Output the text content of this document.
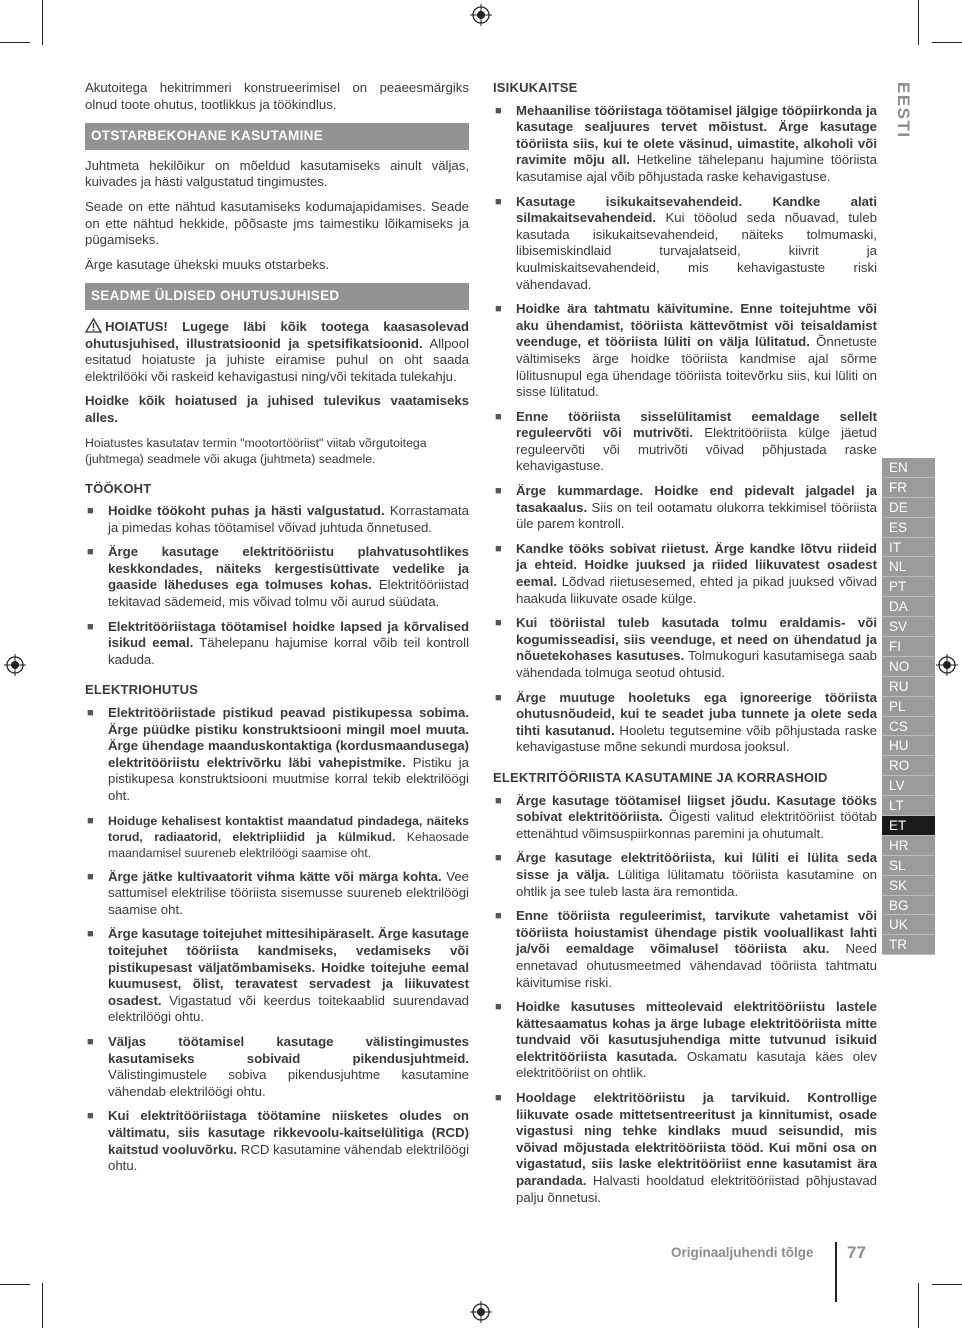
Akutoitega hekitrimmeri konstrueerimisel on peaeesmärgiks olnud toote ohutus, tootlikkus ja töökindlus.

OTSTARBEKOHANE KASUTAMINE

Juhtmeta hekilõikur on mõeldud kasutamiseks ainult väljas, kuivades ja hästi valgustatud tingimustes.

Seade on ette nähtud kasutamiseks kodumajapidamises. Seade on ette nähtud hekkide, põõsaste jms taimestiku lõikamiseks ja pügamiseks.

Ärge kasutage ühekski muuks otstarbeks.

SEADME ÜLDISED OHUTUSJUHISED

HOIATUS! Lugege läbi kõik tootega kaasasolevad ohutusjuhised, illustratsioonid ja spetsifikatsioonid. Allpool esitatud hoiatuste ja juhiste eiramise puhul on oht saada elektrilööki või raskeid kehavigastusi ning/või tekitada tulekahju.

Hoidke kõik hoiatused ja juhised tulevikus vaatamiseks alles.

Hoiatustes kasutatav termin "mootortööriist" viitab võrgutoitega (juhtmega) seadmele või akuga (juhtmeta) seadmele.

TÖÖKOHT
■ Hoidke töökoht puhas ja hästi valgustatud. Korrastamata ja pimedas kohas töötamisel võivad juhtuda õnnetused.
■ Ärge kasutage elektritööriistu plahvatusohtlikes keskkondades, näiteks kergestisüttivate vedelike ja gaaside läheduses ega tolmuses kohas. Elektritööriistad tekitavad sädemeid, mis võivad tolmu või aurud süüdata.
■ Elektritööriistaga töötamisel hoidke lapsed ja kõrvalised isikud eemal. Tähelepanu hajumise korral võib teil kontroll kaduda.
ELEKTRIOHUTUS
■ Elektritööriistade pistikud peavad pistikupessa sobima. Ärge püüdke pistiku konstruktsiooni mingil moel muuta. Ärge ühendage maanduskontaktiga (kordusmaandusega) elektritööriistu elektrivõrku läbi vahepistmike. Pistiku ja pistikupesa konstruktsiooni muutmise korral tekib elektrilöögi oht.
■ Hoiduge kehalisest kontaktist maandatud pindadega, näiteks torud, radiaatorid, elektripliidid ja külmikud. Kehaosade maandamisel suureneb elektrilöögi saamise oht.
■ Ärge jätke kultivaatorit vihma kätte või märga kohta. Vee sattumisel elektrilise tööriista sisemusse suureneb elektrilöögi saamise oht.
■ Ärge kasutage toitejuhet mittesihipäraselt. Ärge kasutage toitejuhet tööriista kandmiseks, vedamiseks või pistikupesast väljatõmbamiseks. Hoidke toitejuhe eemal kuumusest, õlist, teravatest servadest ja liikuvatest osadest. Vigastatud või keerdus toitekaablid suurendavad elektrilöögi ohtu.
■ Väljas töötamisel kasutage välistingimustes kasutamiseks sobivaid pikendusjuhtmeid. Välistingimustele sobiva pikendusjuhtme kasutamine vähendab elektrilöögi ohtu.
■ Kui elektritööriistaga töötamine niisketes oludes on vältimatu, siis kasutage rikkevoolu-kaitselülitiga (RCD) kaitstud vooluvõrku. RCD kasutamine vähendab elektrilöögi ohtu.
ISIKUKAITSE
■ Mehaanilise tööriistaga töötamisel jälgige tööpiirkonda ja kasutage sealjuures tervet mõistust. Ärge kasutage tööriista siis, kui te olete väsinud, uimastite, alkoholi või ravimite mõju all. Hetkeline tähelepanu hajumine tööriista kasutamise ajal võib põhjustada raske kehavigastuse.
■ Kasutage isikukaitsevahendeid. Kandke alati silmakaitsevahendeid. Kui tööolud seda nõuavad, tuleb kasutada isikukaitsevahendeid, näiteks tolmumaski, libisemiskindlaid turvajalatseid, kiivrit ja kuulmiskaitsevahendeid, mis kehavigastuste riski vähendavad.
■ Hoidke ära tahtmatu käivitumine. Enne toitejuhtme või aku ühendamist, tööriista kättevõtmist või teisaldamist veenduge, et tööriista lüliti on välja lülitatud. Õnnetuste vältimiseks ärge hoidke tööriista kandmise ajal sõrme lülitusnupul ega ühendage tööriista toitevõrku siis, kui lüliti on sisse lülitatud.
■ Enne tööriista sisselülitamist eemaldage sellelt reguleervõti või mutrivõti. Elektritööriista külge jäetud reguleervõti või mutrivõti võivad põhjustada raske kehavigastuse.
■ Ärge kummardage. Hoidke end pidevalt jalgadel ja tasakaalus. Siis on teil ootamatu olukorra tekkimisel tööriista üle parem kontroll.
■ Kandke tööks sobivat riietust. Ärge kandke lõtvu riideid ja ehteid. Hoidke juuksed ja riided liikuvatest osadest eemal. Lõdvad riietusesemed, ehted ja pikad juuksed võivad haakuda liikuvate osade külge.
■ Kui tööriistal tuleb kasutada tolmu eraldamis- või kogumisseadisi, siis veenduge, et need on ühendatud ja nõuetekohases kasutuses. Tolmukoguri kasutamisega saab vähendada tolmuga seotud ohtusid.
■ Ärge muutuge hooletuks ega ignoreerige tööriista ohutusnõudeid, kui te seadet juba tunnete ja olete seda tihti kasutanud. Hooletu tegutsemine võib põhjustada raske kehavigastuse mõne sekundi murdosa jooksul.
ELEKTRITÖÖRIISTA KASUTAMINE JA KORRASHOID
■ Ärge kasutage töötamisel liigset jõudu. Kasutage tööks sobivat elektritööriista. Õigesti valitud elektritööriist töötab ettenähtud võimsuspiirkonnas paremini ja ohutumalt.
■ Ärge kasutage elektritööriista, kui lüliti ei lülita seda sisse ja välja. Lülitiga lülitamatu tööriista kasutamine on ohtlik ja see tuleb lasta ära remontida.
■ Enne tööriista reguleerimist, tarvikute vahetamist või tööriista hoiustamist ühendage pistik vooluallikast lahti ja/või eemaldage võimalusel tööriista aku. Need ennetavad ohutusmeetmed vähendavad tööriista tahtmatu käivitumise riski.
■ Hoidke kasutuses mitteolevaid elektritööriistu lastele kättesaamatus kohas ja ärge lubage elektritööriista mitte tundvaid või kasutusjuhendiga mitte tutvunud isikuid elektritööriista kasutada. Oskamatu kasutaja käes olev elektritööriist on ohtlik.
■ Hooldage elektritööriistu ja tarvikuid. Kontrollige liikuvate osade mittetsentreeritust ja kinnitumist, osade vigastusi ning tehke kindlaks muud seisundid, mis võivad mõjustada elektritööriista tööd. Kui mõni osa on vigastatud, siis laske elektritööriist enne kasutamist ära parandada. Halvasti hooldatud elektritööriistad põhjustavad palju õnnetusi.
EESTI
EN
FR
DE
ES
IT
NL
PT
DA
SV
FI
NO
RU
PL
CS
HU
RO
LV
LT
ET
HR
SL
SK
BG
UK
TR
Originaaljuhendi tõlge 77
